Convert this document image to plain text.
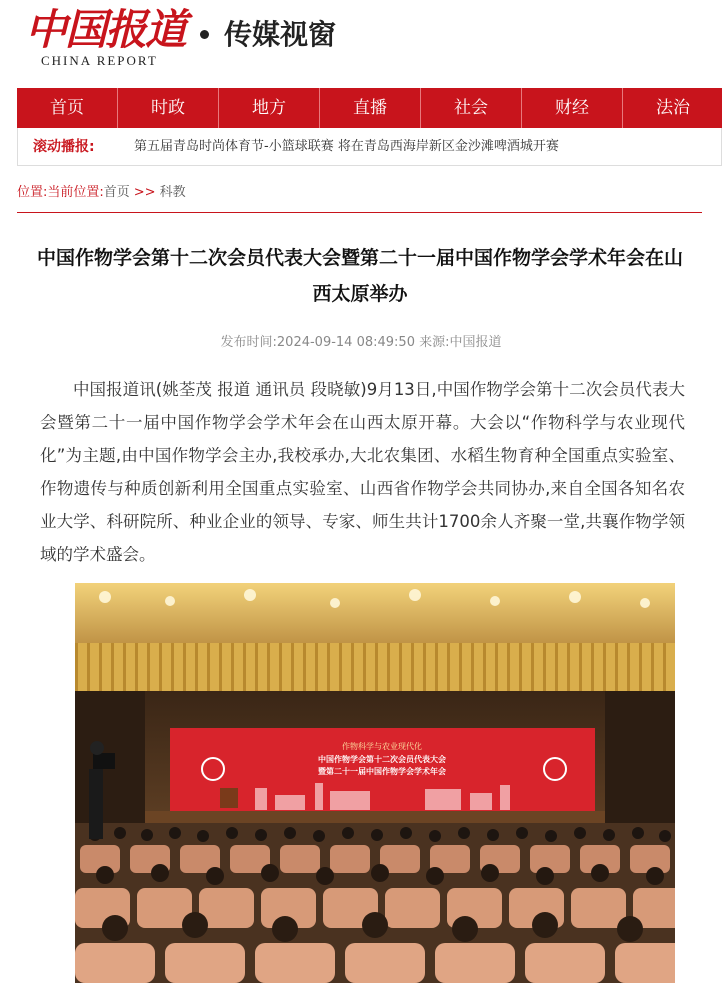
中国报道
CHINA REPORT
传媒视窗
首页	时政	地方	直播	社会	财经	法治
滚动播报:	第五届青岛时尚体育节-小篮球联赛 将在青岛西海岸新区金沙滩啤酒城开赛
位置:当前位置:首页 >> 科教
中国作物学会第十二次会员代表大会暨第二十一届中国作物学会学术年会在山西太原举办
发布时间:2024-09-14 08:49:50 来源:中国报道

中国报道讯(姚荃茂 报道 通讯员 段晓敏)9月13日,中国作物学会第十二次会员代表大会暨第二十一届中国作物学会学术年会在山西太原开幕。大会以“作物科学与农业现代化”为主题,由中国作物学会主办,我校承办,大北农集团、水稻生物育种全国重点实验室、作物遗传与种质创新利用全国重点实验室、山西省作物学会共同协办,来自全国各知名农业大学、科研院所、种业企业的领导、专家、师生共计1700余人齐聚一堂,共襄作物学领域的学术盛会。

作物科学与农业现代化
中国作物学会第十二次会员代表大会
暨第二十一届中国作物学会学术年会
